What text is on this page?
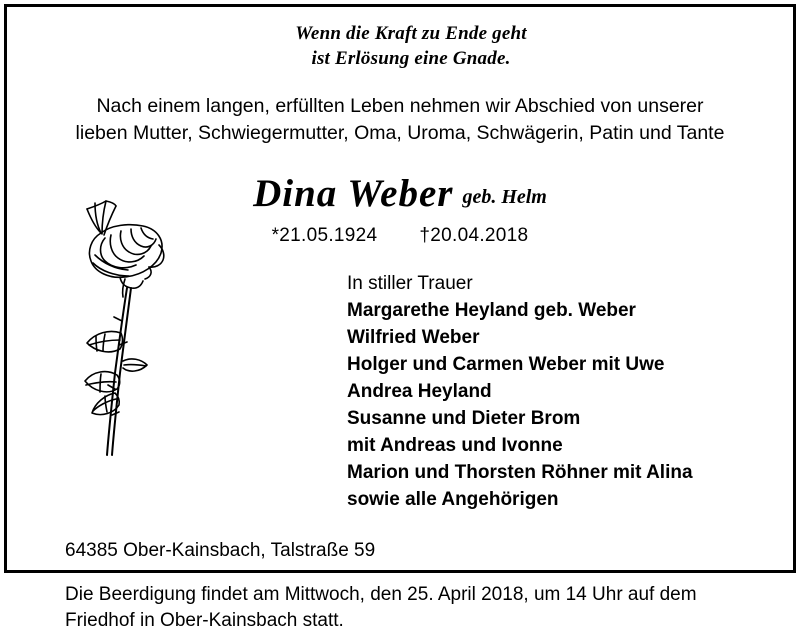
Wenn die Kraft zu Ende geht
ist Erlösung eine Gnade.
Nach einem langen, erfüllten Leben nehmen wir Abschied von unserer
lieben Mutter, Schwiegermutter, Oma, Uroma, Schwägerin, Patin und Tante
Dina Weber geb. Helm
*21.05.1924 †20.04.2018
In stiller Trauer
Margarethe Heyland geb. Weber
Wilfried Weber
Holger und Carmen Weber mit Uwe
Andrea Heyland
Susanne und Dieter Brom
mit Andreas und Ivonne
Marion und Thorsten Röhner mit Alina
sowie alle Angehörigen
64385 Ober-Kainsbach, Talstraße 59
Die Beerdigung findet am Mittwoch, den 25. April 2018, um 14 Uhr auf dem
Friedhof in Ober-Kainsbach statt.
